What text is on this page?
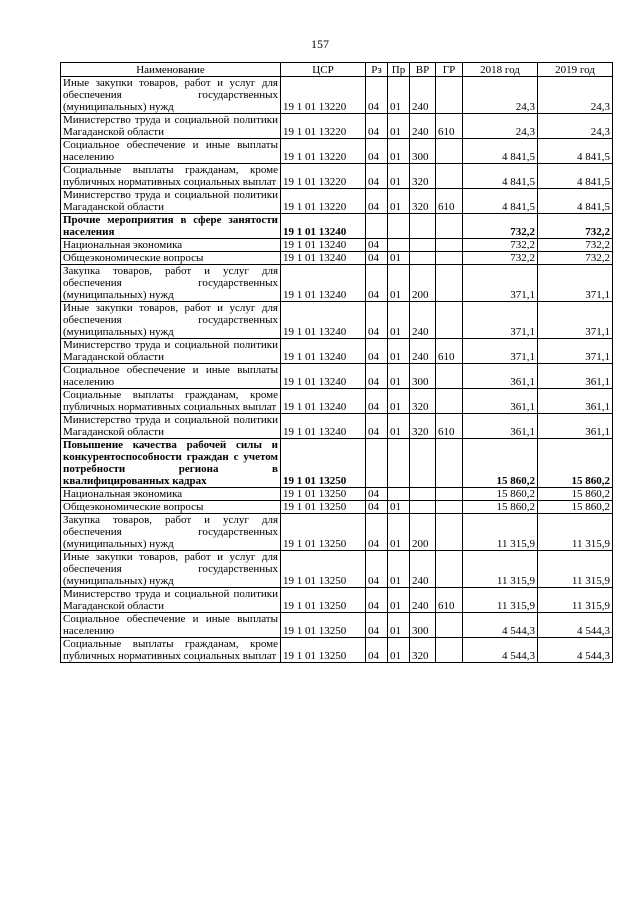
157
Наименование	ЦСР	Рз	Пр	ВР	ГР	2018 год	2019 год
Иные закупки товаров, работ и услуг для обеспечения государственных (муниципальных) нужд	19 1 01 13220	04	01	240		24,3	24,3
Министерство труда и социальной политики Магаданской области	19 1 01 13220	04	01	240	610	24,3	24,3
Социальное обеспечение и иные выплаты населению	19 1 01 13220	04	01	300		4 841,5	4 841,5
Социальные выплаты гражданам, кроме публичных нормативных социальных выплат	19 1 01 13220	04	01	320		4 841,5	4 841,5
Министерство труда и социальной политики Магаданской области	19 1 01 13220	04	01	320	610	4 841,5	4 841,5
Прочие мероприятия в сфере занятости населения	19 1 01 13240					732,2	732,2
Национальная экономика	19 1 01 13240	04				732,2	732,2
Общеэкономические вопросы	19 1 01 13240	04	01			732,2	732,2
Закупка товаров, работ и услуг для обеспечения государственных (муниципальных) нужд	19 1 01 13240	04	01	200		371,1	371,1
Иные закупки товаров, работ и услуг для обеспечения государственных (муниципальных) нужд	19 1 01 13240	04	01	240		371,1	371,1
Министерство труда и социальной политики Магаданской области	19 1 01 13240	04	01	240	610	371,1	371,1
Социальное обеспечение и иные выплаты населению	19 1 01 13240	04	01	300		361,1	361,1
Социальные выплаты гражданам, кроме публичных нормативных социальных выплат	19 1 01 13240	04	01	320		361,1	361,1
Министерство труда и социальной политики Магаданской области	19 1 01 13240	04	01	320	610	361,1	361,1
Повышение качества рабочей силы и конкурентоспособности граждан с учетом потребности региона в квалифицированных кадрах	19 1 01 13250					15 860,2	15 860,2
Национальная экономика	19 1 01 13250	04				15 860,2	15 860,2
Общеэкономические вопросы	19 1 01 13250	04	01			15 860,2	15 860,2
Закупка товаров, работ и услуг для обеспечения государственных (муниципальных) нужд	19 1 01 13250	04	01	200		11 315,9	11 315,9
Иные закупки товаров, работ и услуг для обеспечения государственных (муниципальных) нужд	19 1 01 13250	04	01	240		11 315,9	11 315,9
Министерство труда и социальной политики Магаданской области	19 1 01 13250	04	01	240	610	11 315,9	11 315,9
Социальное обеспечение и иные выплаты населению	19 1 01 13250	04	01	300		4 544,3	4 544,3
Социальные выплаты гражданам, кроме публичных нормативных социальных выплат	19 1 01 13250	04	01	320		4 544,3	4 544,3
